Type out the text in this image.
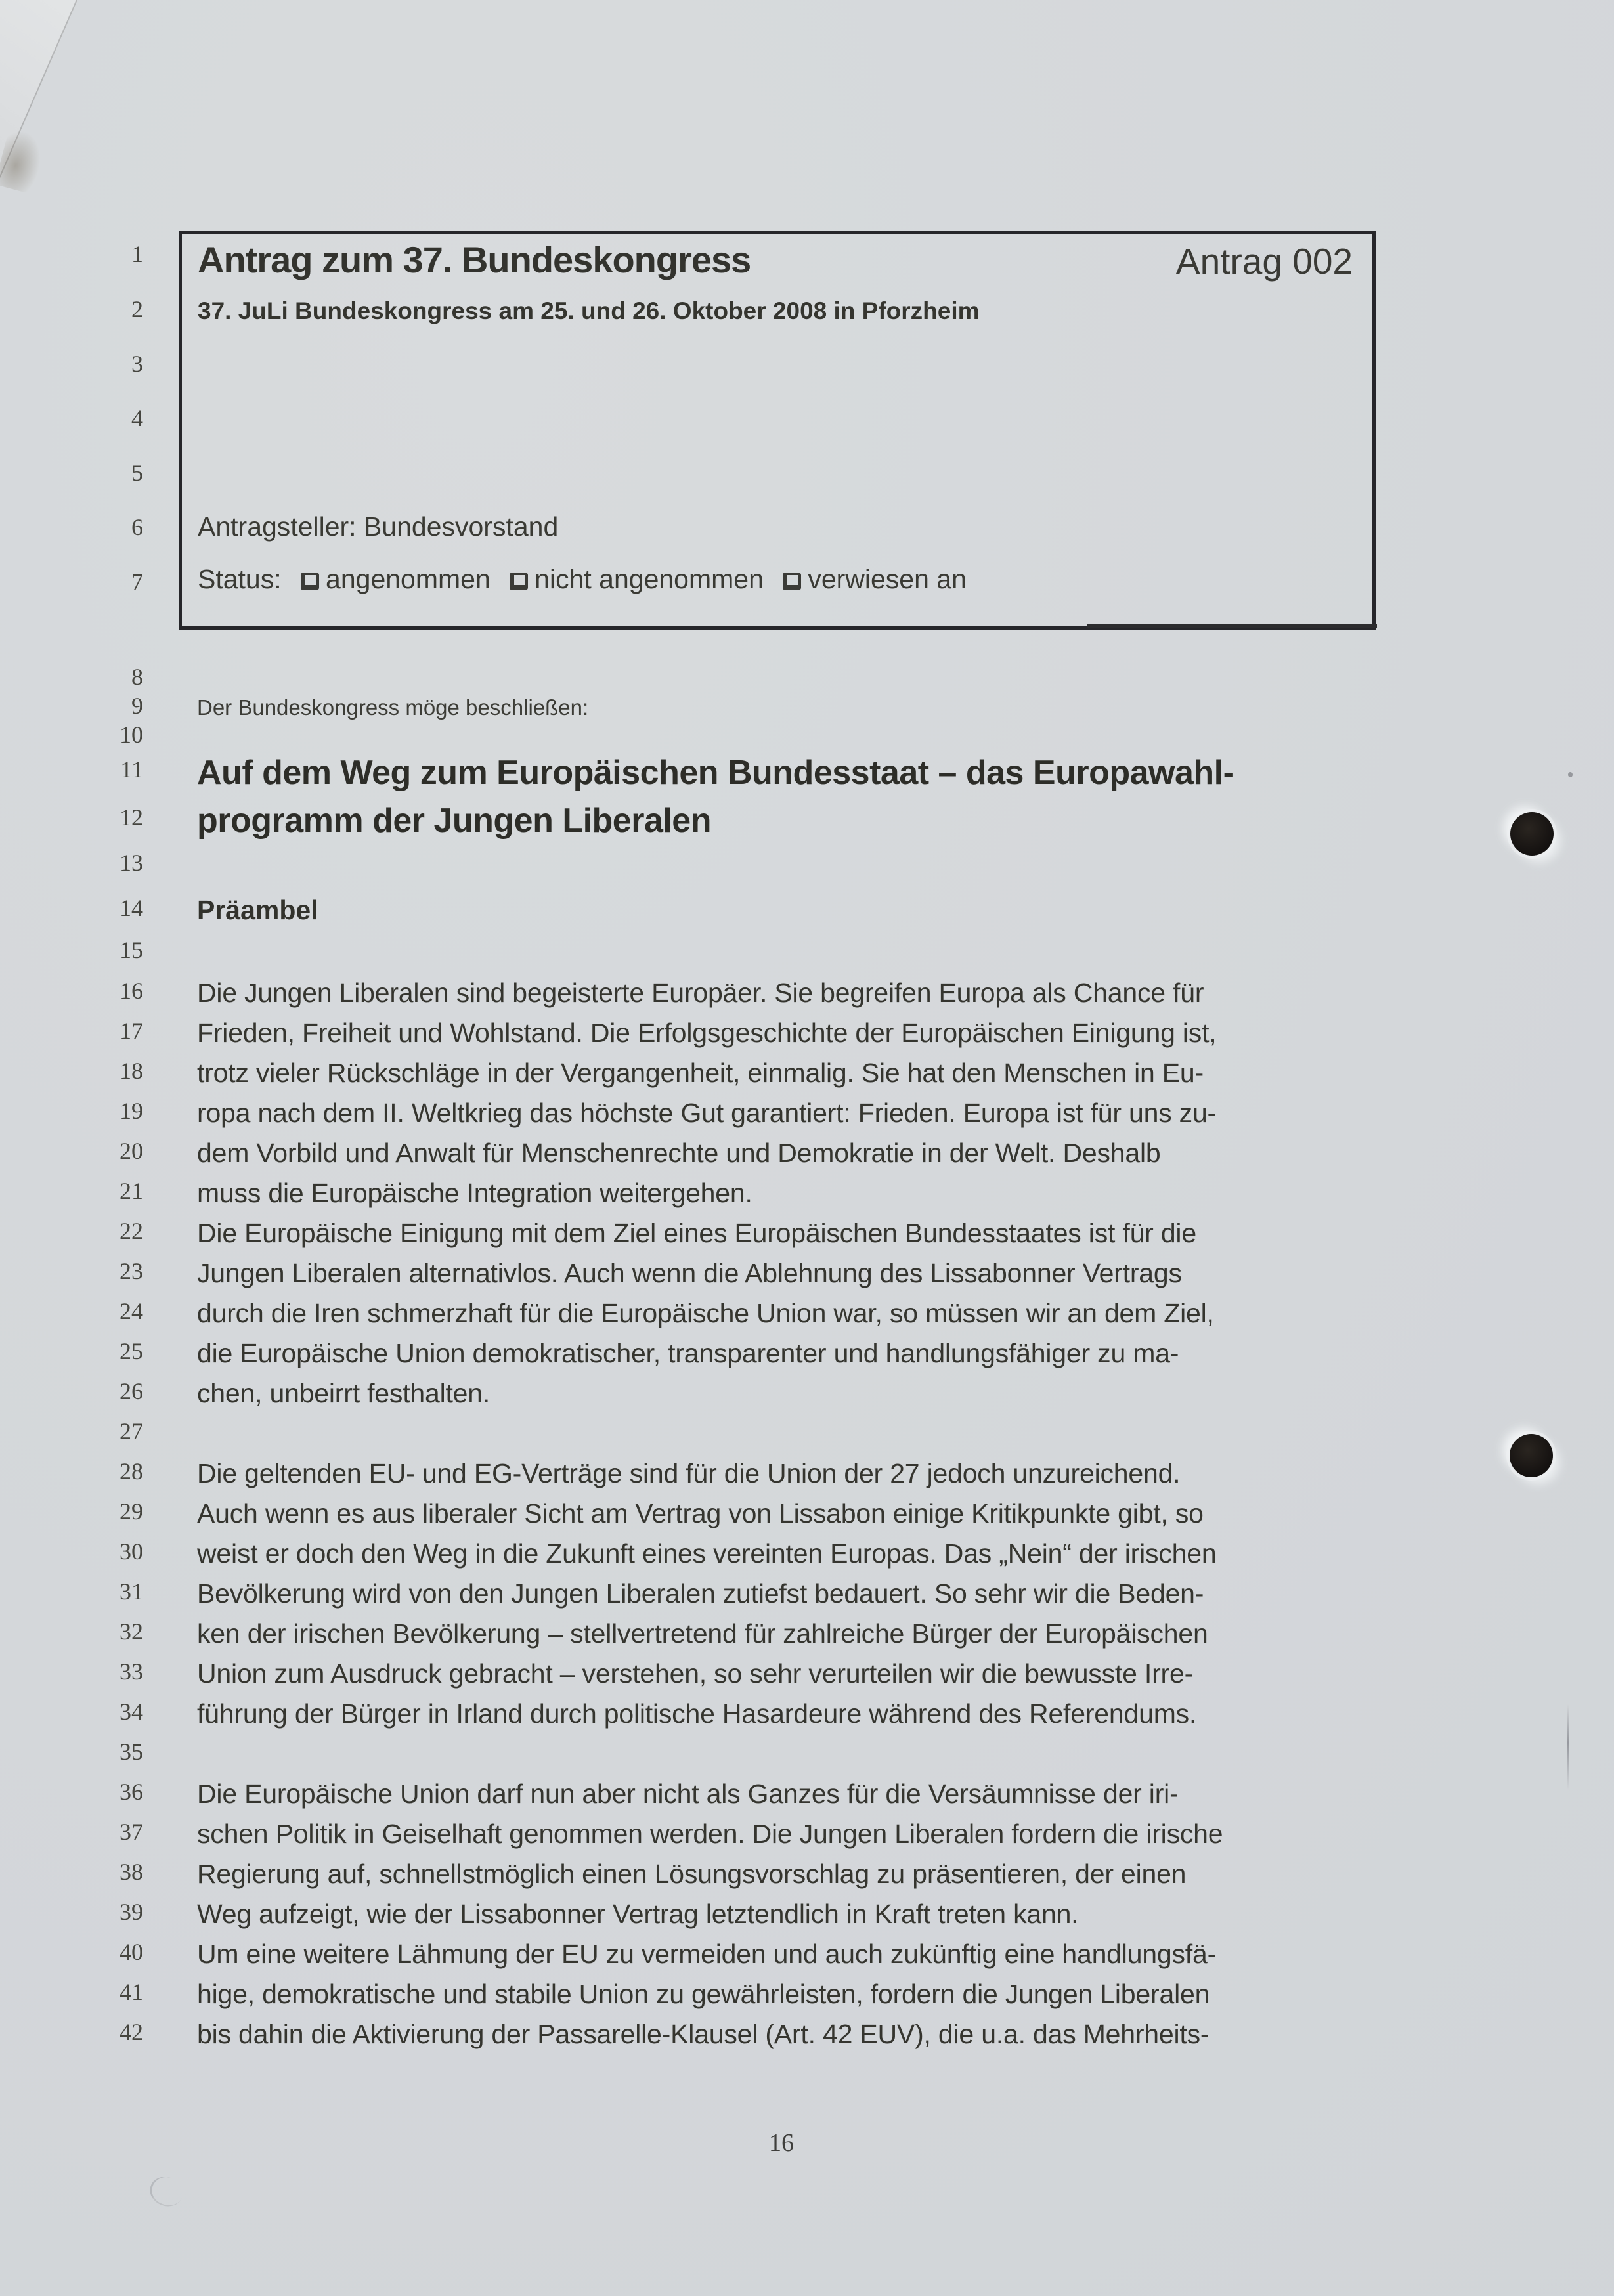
Antrag zum 37. Bundeskongress	Antrag 002
37. JuLi Bundeskongress am 25. und 26. Oktober 2008 in Pforzheim
Antragsteller: Bundesvorstand
Status: angenommen nicht angenommen verwiesen an
1
2
3
4
5
6
7
8
9 Der Bundeskongress möge beschließen:
10
11 Auf dem Weg zum Europäischen Bundesstaat – das Europawahl-
12 programm der Jungen Liberalen
13
14 Präambel
15
16 Die Jungen Liberalen sind begeisterte Europäer. Sie begreifen Europa als Chance für
17 Frieden, Freiheit und Wohlstand. Die Erfolgsgeschichte der Europäischen Einigung ist,
18 trotz vieler Rückschläge in der Vergangenheit, einmalig. Sie hat den Menschen in Eu-
19 ropa nach dem II. Weltkrieg das höchste Gut garantiert: Frieden. Europa ist für uns zu-
20 dem Vorbild und Anwalt für Menschenrechte und Demokratie in der Welt. Deshalb
21 muss die Europäische Integration weitergehen.
22 Die Europäische Einigung mit dem Ziel eines Europäischen Bundesstaates ist für die
23 Jungen Liberalen alternativlos. Auch wenn die Ablehnung des Lissabonner Vertrags
24 durch die Iren schmerzhaft für die Europäische Union war, so müssen wir an dem Ziel,
25 die Europäische Union demokratischer, transparenter und handlungsfähiger zu ma-
26 chen, unbeirrt festhalten.
27
28 Die geltenden EU- und EG-Verträge sind für die Union der 27 jedoch unzureichend.
29 Auch wenn es aus liberaler Sicht am Vertrag von Lissabon einige Kritikpunkte gibt, so
30 weist er doch den Weg in die Zukunft eines vereinten Europas. Das „Nein“ der irischen
31 Bevölkerung wird von den Jungen Liberalen zutiefst bedauert. So sehr wir die Beden-
32 ken der irischen Bevölkerung – stellvertretend für zahlreiche Bürger der Europäischen
33 Union zum Ausdruck gebracht – verstehen, so sehr verurteilen wir die bewusste Irre-
34 führung der Bürger in Irland durch politische Hasardeure während des Referendums.
35
36 Die Europäische Union darf nun aber nicht als Ganzes für die Versäumnisse der iri-
37 schen Politik in Geiselhaft genommen werden. Die Jungen Liberalen fordern die irische
38 Regierung auf, schnellstmöglich einen Lösungsvorschlag zu präsentieren, der einen
39 Weg aufzeigt, wie der Lissabonner Vertrag letztendlich in Kraft treten kann.
40 Um eine weitere Lähmung der EU zu vermeiden und auch zukünftig eine handlungsfä-
41 hige, demokratische und stabile Union zu gewährleisten, fordern die Jungen Liberalen
42 bis dahin die Aktivierung der Passarelle-Klausel (Art. 42 EUV), die u.a. das Mehrheits-
16
